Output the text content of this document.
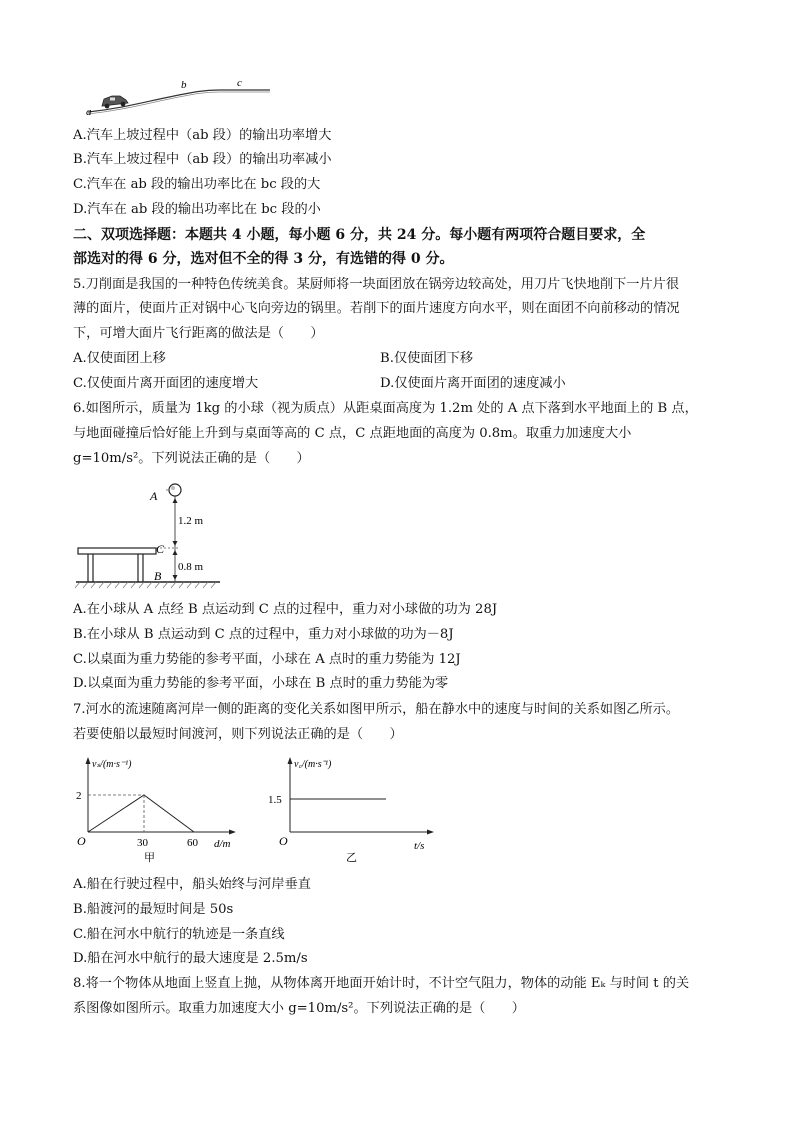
a
b	c
A.汽车上坡过程中（ab 段）的输出功率增大
B.汽车上坡过程中（ab 段）的输出功率减小
C.汽车在 ab 段的输出功率比在 bc 段的大
D.汽车在 ab 段的输出功率比在 bc 段的小
二、双项选择题：本题共 4 小题，每小题 6 分，共 24 分。每小题有两项符合题目要求，全
部选对的得 6 分，选对但不全的得 3 分，有选错的得 0 分。
5.刀削面是我国的一种特色传统美食。某厨师将一块面团放在锅旁边较高处，用刀片飞快地削下一片片很
薄的面片，使面片正对锅中心飞向旁边的锅里。若削下的面片速度方向水平，则在面团不向前移动的情况
下，可增大面片飞行距离的做法是（　　）
A.仅使面团上移	B.仅使面团下移
C.仅使面片离开面团的速度增大	D.仅使面片离开面团的速度减小
6.如图所示，质量为 1kg 的小球（视为质点）从距桌面高度为 1.2m 处的 A 点下落到水平地面上的 B 点，
与地面碰撞后恰好能上升到与桌面等高的 C 点，C 点距地面的高度为 0.8m。取重力加速度大小
g=10m/s²。下列说法正确的是（　　）
A
C
B
1.2 m
0.8 m
A.在小球从 A 点经 B 点运动到 C 点的过程中，重力对小球做的功为 28J
B.在小球从 B 点运动到 C 点的过程中，重力对小球做的功为－8J
C.以桌面为重力势能的参考平面，小球在 A 点时的重力势能为 12J
D.以桌面为重力势能的参考平面，小球在 B 点时的重力势能为零
7.河水的流速随离河岸一侧的距离的变化关系如图甲所示，船在静水中的速度与时间的关系如图乙所示。
若要使船以最短时间渡河，则下列说法正确的是（　　）
vₛ/(m·s⁻¹)
2
O	30	60 d/m
甲
v꜀/(m·s⁻¹)
1.5
O	t/s
乙
A.船在行驶过程中，船头始终与河岸垂直
B.船渡河的最短时间是 50s
C.船在河水中航行的轨迹是一条直线
D.船在河水中航行的最大速度是 2.5m/s
8.将一个物体从地面上竖直上抛，从物体离开地面开始计时，不计空气阻力，物体的动能 Eₖ 与时间 t 的关
系图像如图所示。取重力加速度大小 g=10m/s²。下列说法正确的是（　　）
